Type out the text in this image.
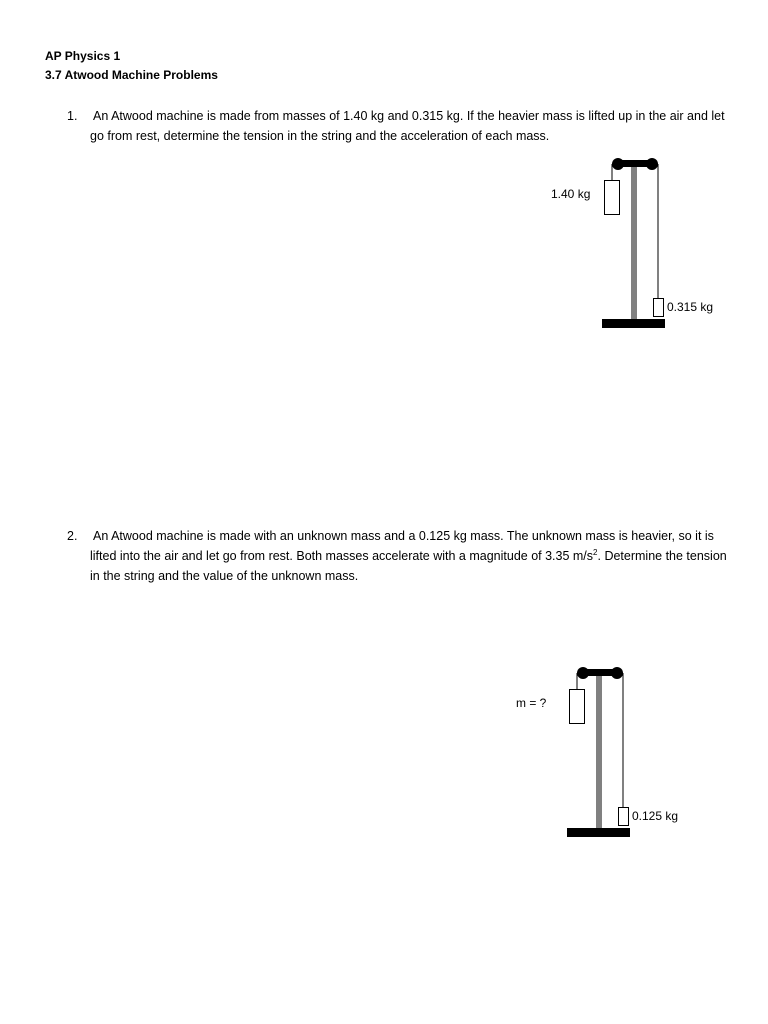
AP Physics 1
3.7 Atwood Machine Problems
1. An Atwood machine is made from masses of 1.40 kg and 0.315 kg. If the heavier mass is lifted up in the air and let go from rest, determine the tension in the string and the acceleration of each mass.
1.40 kg
0.315 kg
2. An Atwood machine is made with an unknown mass and a 0.125 kg mass. The unknown mass is heavier, so it is lifted into the air and let go from rest. Both masses accelerate with a magnitude of 3.35 $m/s^2$. Determine the tension in the string and the value of the unknown mass.
m = ?
0.125 kg
